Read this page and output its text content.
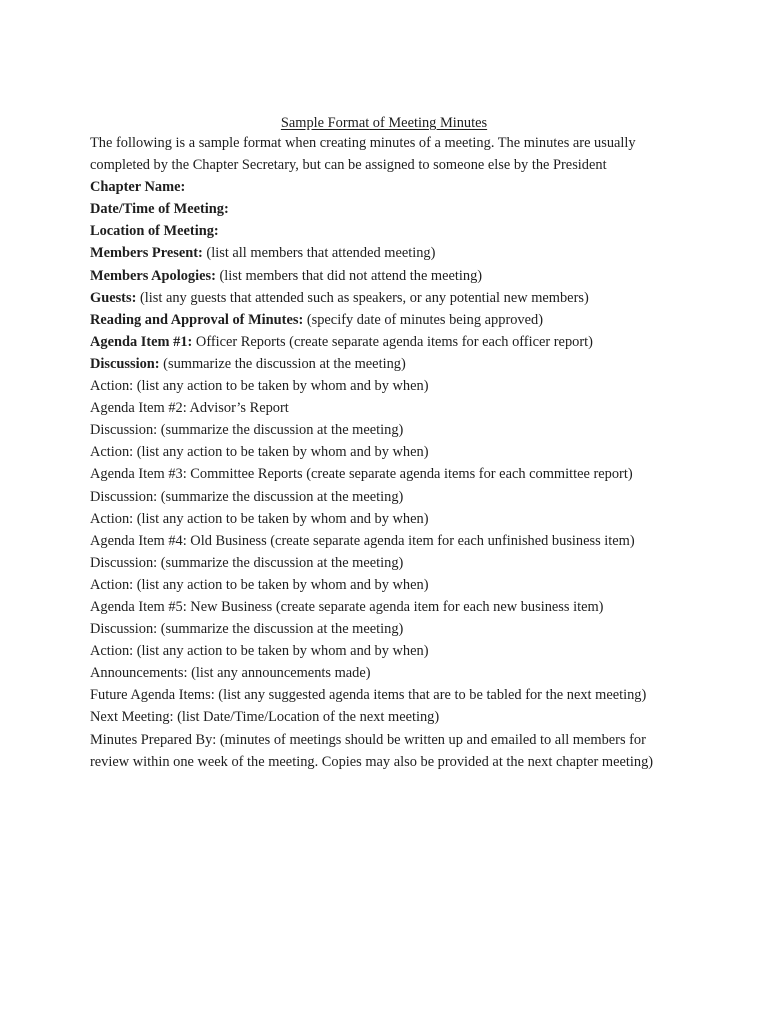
Sample Format of Meeting Minutes

The following is a sample format when creating minutes of a meeting. The minutes are usually completed by the Chapter Secretary, but can be assigned to someone else by the President

Chapter Name:

Date/Time of Meeting:

Location of Meeting:

Members Present: (list all members that attended meeting)

Members Apologies: (list members that did not attend the meeting)

Guests: (list any guests that attended such as speakers, or any potential new members)

Reading and Approval of Minutes: (specify date of minutes being approved)

Agenda Item #1: Officer Reports (create separate agenda items for each officer report)

Discussion: (summarize the discussion at the meeting)

Action: (list any action to be taken by whom and by when)

Agenda Item #2: Advisor’s Report

Discussion: (summarize the discussion at the meeting)

Action: (list any action to be taken by whom and by when)

Agenda Item #3: Committee Reports (create separate agenda items for each committee report)

Discussion: (summarize the discussion at the meeting)

Action: (list any action to be taken by whom and by when)

Agenda Item #4: Old Business (create separate agenda item for each unfinished business item)

Discussion: (summarize the discussion at the meeting)

Action: (list any action to be taken by whom and by when)

Agenda Item #5: New Business (create separate agenda item for each new business item)

Discussion: (summarize the discussion at the meeting)

Action: (list any action to be taken by whom and by when)

Announcements: (list any announcements made)

Future Agenda Items: (list any suggested agenda items that are to be tabled for the next meeting)

Next Meeting: (list Date/Time/Location of the next meeting)

Minutes Prepared By: (minutes of meetings should be written up and emailed to all members for review within one week of the meeting. Copies may also be provided at the next chapter meeting)
